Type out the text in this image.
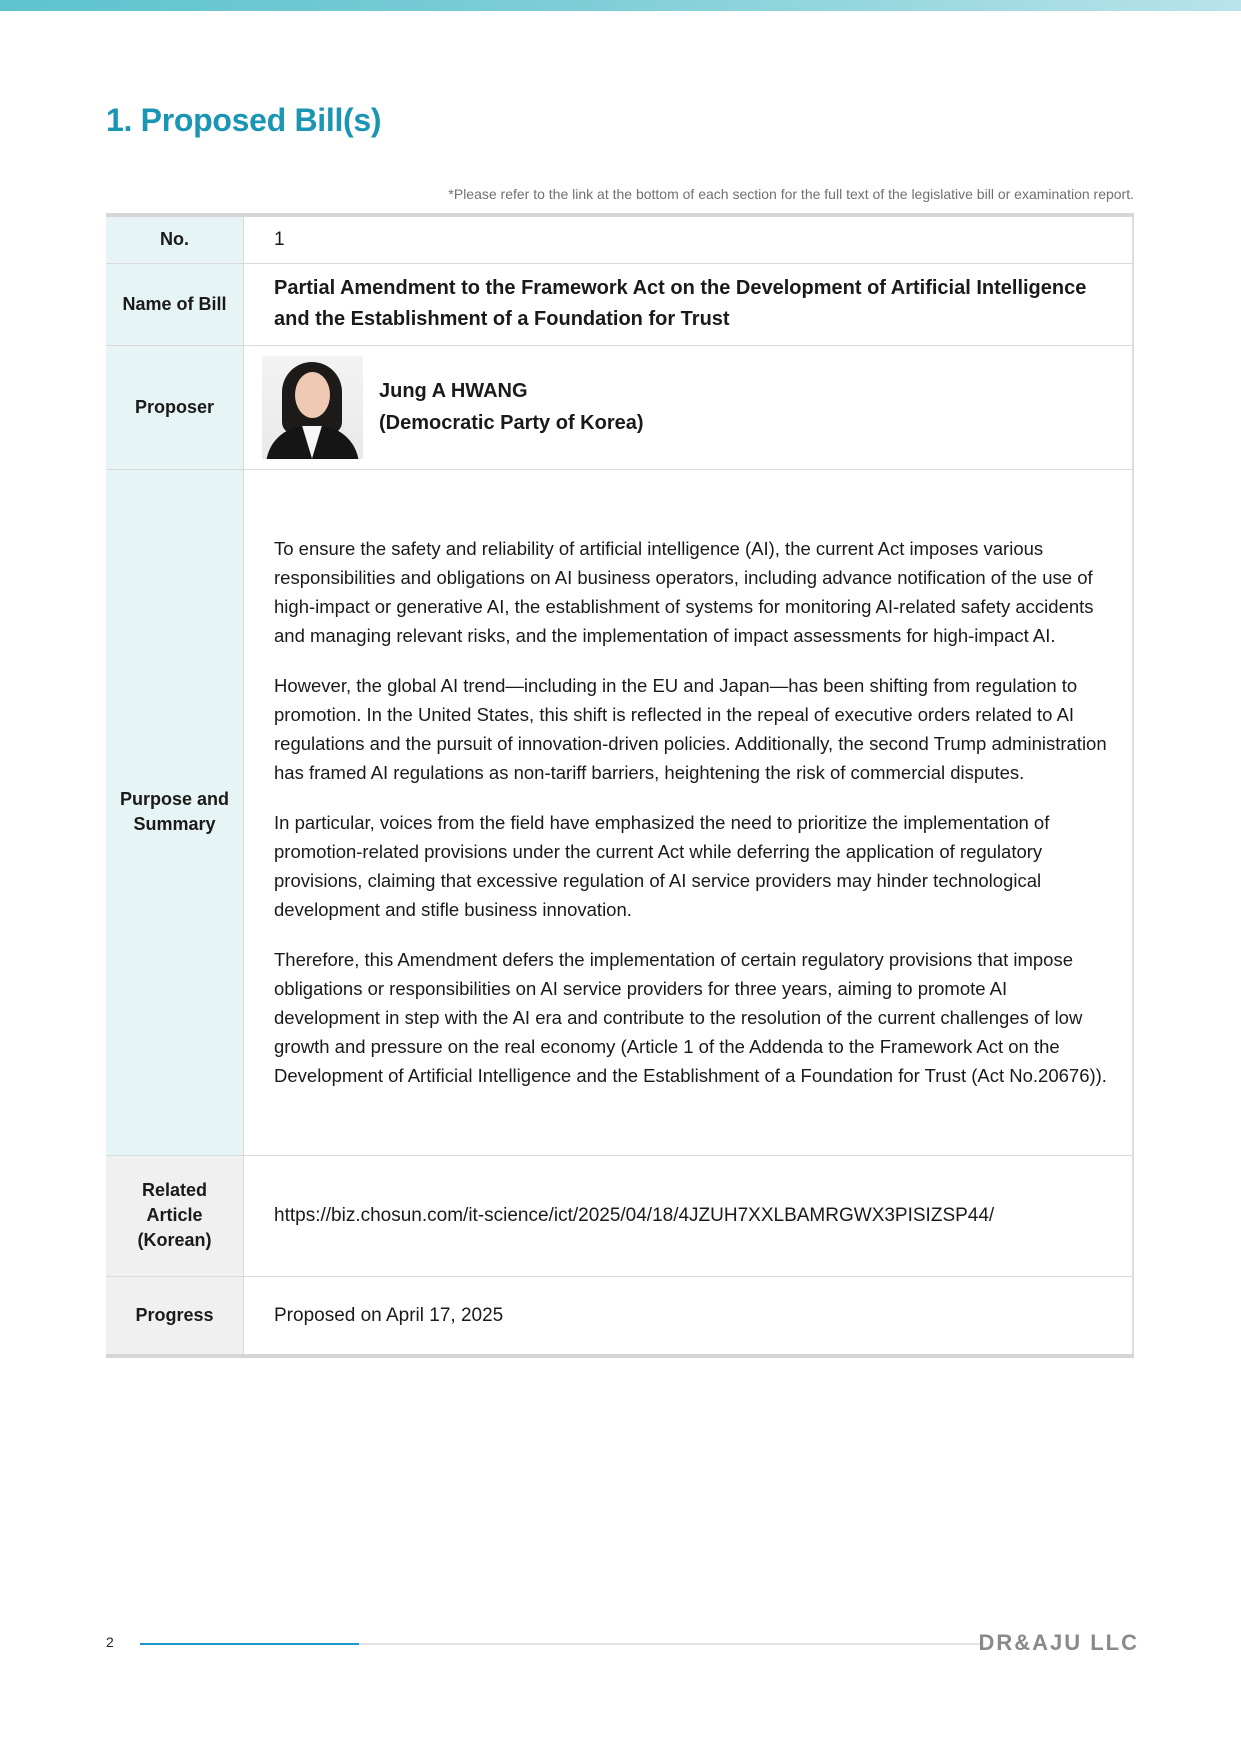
1. Proposed Bill(s)
*Please refer to the link at the bottom of each section for the full text of the legislative bill or examination report.
No.	1
Name of Bill	Partial Amendment to the Framework Act on the Development of Artificial Intelligence and the Establishment of a Foundation for Trust

Proposer	Jung A HWANG
(Democratic Party of Korea)

Purpose and Summary	To ensure the safety and reliability of artificial intelligence (AI), the current Act imposes various responsibilities and obligations on AI business operators, including advance notification of the use of high-impact or generative AI, the establishment of systems for monitoring AI-related safety accidents and managing relevant risks, and the implementation of impact assessments for high-impact AI.

However, the global AI trend—including in the EU and Japan—has been shifting from regulation to promotion. In the United States, this shift is reflected in the repeal of executive orders related to AI regulations and the pursuit of innovation-driven policies. Additionally, the second Trump administration has framed AI regulations as non-tariff barriers, heightening the risk of commercial disputes.

In particular, voices from the field have emphasized the need to prioritize the implementation of promotion-related provisions under the current Act while deferring the application of regulatory provisions, claiming that excessive regulation of AI service providers may hinder technological development and stifle business innovation.

Therefore, this Amendment defers the implementation of certain regulatory provisions that impose obligations or responsibilities on AI service providers for three years, aiming to promote AI development in step with the AI era and contribute to the resolution of the current challenges of low growth and pressure on the real economy (Article 1 of the Addenda to the Framework Act on the Development of Artificial Intelligence and the Establishment of a Foundation for Trust (Act No.20676)).

Related Article (Korean)	https://biz.chosun.com/it-science/ict/2025/04/18/4JZUH7XXLBAMRGWX3PISIZSP44/
Progress	Proposed on April 17, 2025
2	DR&AJU LLC
